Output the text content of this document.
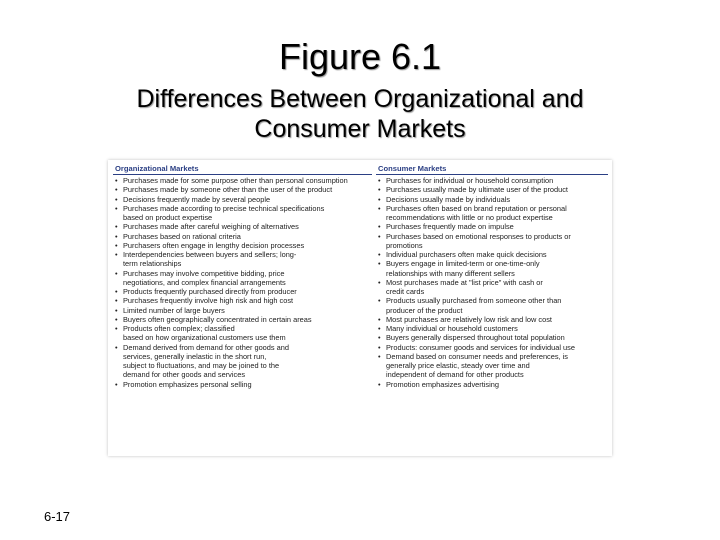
Figure 6.1
Differences Between Organizational and Consumer Markets
Organizational Markets
• Purchases made for some purpose other than personal consumption
• Purchases made by someone other than the user of the product
• Decisions frequently made by several people
• Purchases made according to precise technical specifications
based on product expertise
• Purchases made after careful weighing of alternatives
• Purchases based on rational criteria
• Purchasers often engage in lengthy decision processes
• Interdependencies between buyers and sellers; long-
term relationships
• Purchases may involve competitive bidding, price
negotiations, and complex financial arrangements
• Products frequently purchased directly from producer
• Purchases frequently involve high risk and high cost
• Limited number of large buyers
• Buyers often geographically concentrated in certain areas
• Products often complex; classified
based on how organizational customers use them
• Demand derived from demand for other goods and
services, generally inelastic in the short run,
subject to fluctuations, and may be joined to the
demand for other goods and services
• Promotion emphasizes personal selling
Consumer Markets
• Purchases for individual or household consumption
• Purchases usually made by ultimate user of the product
• Decisions usually made by individuals
• Purchases often based on brand reputation or personal
recommendations with little or no product expertise
• Purchases frequently made on impulse
• Purchases based on emotional responses to products or
promotions
• Individual purchasers often make quick decisions
• Buyers engage in limited-term or one-time-only
relationships with many different sellers
• Most purchases made at "list price" with cash or
credit cards
• Products usually purchased from someone other than
producer of the product
• Most purchases are relatively low risk and low cost
• Many individual or household customers
• Buyers generally dispersed throughout total population
• Products: consumer goods and services for individual use
• Demand based on consumer needs and preferences, is
generally price elastic, steady over time and
independent of demand for other products
• Promotion emphasizes advertising
6-17
